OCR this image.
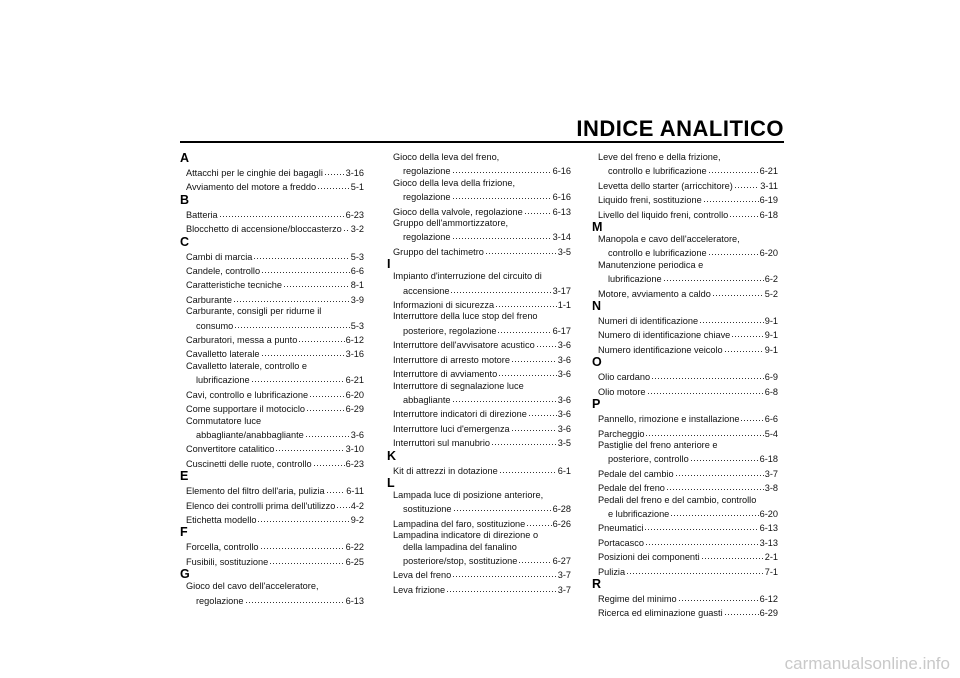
INDICE ANALITICO
A
Attacchi per le cinghie dei bagagli 3-16
Avviamento del motore a freddo	5-1
B
Batteria	6-23
Blocchetto di accensione/bloccasterzo 3-2
C
Cambi di marcia	5-3
Candele, controllo	6-6
Caratteristiche tecniche	8-1
Carburante	3-9
Carburante, consigli per ridurne il
consumo	5-3
Carburatori, messa a punto	6-12
Cavalletto laterale	3-16
Cavalletto laterale, controllo e
lubrificazione	6-21
Cavi, controllo e lubrificazione	6-20
Come supportare il motociclo	6-29
Commutatore luce
abbagliante/anabbagliante	3-6
Convertitore catalitico	3-10
Cuscinetti delle ruote, controllo	6-23
E
Elemento del filtro dell'aria, pulizia 6-11
Elenco dei controlli prima dell'utilizzo 4-2
Etichetta modello	9-2
F
Forcella, controllo	6-22
Fusibili, sostituzione	6-25
G
Gioco del cavo dell'acceleratore,
regolazione	6-13
Gioco della leva del freno,
regolazione	6-16
Gioco della leva della frizione,
regolazione	6-16
Gioco della valvole, regolazione	6-13
Gruppo dell'ammortizzatore,
regolazione	3-14
Gruppo del tachimetro	3-5
I
Impianto d'interruzione del circuito di
accensione	3-17
Informazioni di sicurezza	1-1
Interruttore della luce stop del freno
posteriore, regolazione	6-17
Interruttore dell'avvisatore acustico	3-6
Interruttore di arresto motore	3-6
Interruttore di avviamento	3-6
Interruttore di segnalazione luce
abbagliante	3-6
Interruttore indicatori di direzione	3-6
Interruttore luci d'emergenza	3-6
Interruttori sul manubrio	3-5
K
Kit di attrezzi in dotazione	6-1
L
Lampada luce di posizione anteriore,
sostituzione	6-28
Lampadina del faro, sostituzione	6-26
Lampadina indicatore di direzione o
della lampadina del fanalino
posteriore/stop, sostituzione	6-27
Leva del freno	3-7
Leva frizione	3-7
Leve del freno e della frizione,
controllo e lubrificazione	6-21
Levetta dello starter (arricchitore)	3-11
Liquido freni, sostituzione	6-19
Livello del liquido freni, controllo	6-18
M
Manopola e cavo dell'acceleratore,
controllo e lubrificazione	6-20
Manutenzione periodica e
lubrificazione	6-2
Motore, avviamento a caldo	5-2
N
Numeri di identificazione	9-1
Numero di identificazione chiave	9-1
Numero identificazione veicolo	9-1
O
Olio cardano	6-9
Olio motore	6-8
P
Pannello, rimozione e installazione	6-6
Parcheggio	5-4
Pastiglie del freno anteriore e
posteriore, controllo	6-18
Pedale del cambio	3-7
Pedale del freno	3-8
Pedali del freno e del cambio, controllo
e lubrificazione	6-20
Pneumatici	6-13
Portacasco	3-13
Posizioni dei componenti	2-1
Pulizia	7-1
R
Regime del minimo	6-12
Ricerca ed eliminazione guasti	6-29
carmanualsonline.info
